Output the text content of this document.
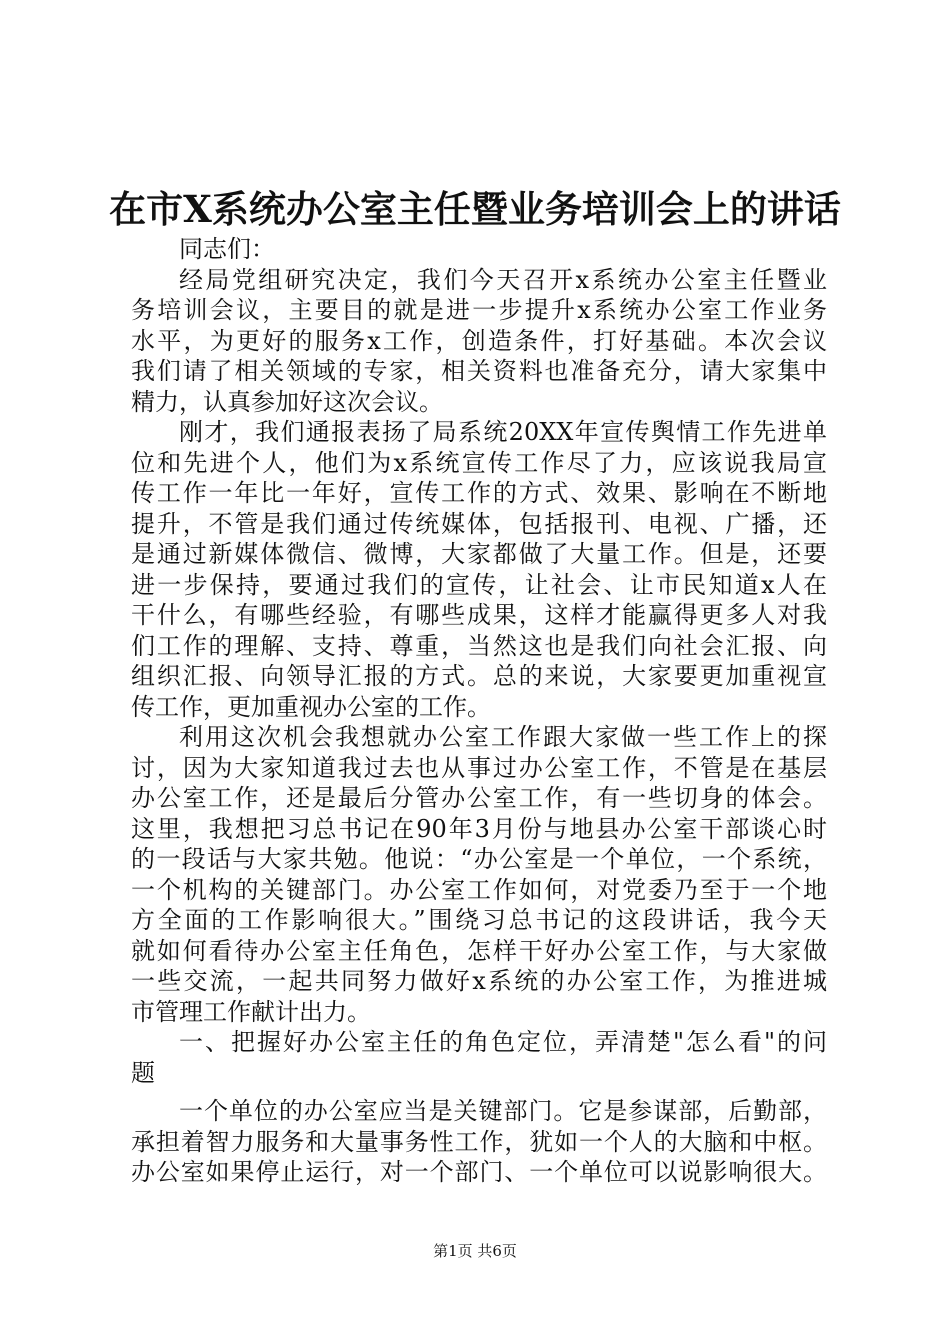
在市X系统办公室主任暨业务培训会上的讲话
同志们：
经局党组研究决定，我们今天召开x系统办公室主任暨业
务培训会议，主要目的就是进一步提升x系统办公室工作业务
水平，为更好的服务x工作，创造条件，打好基础。本次会议
我们请了相关领域的专家，相关资料也准备充分，请大家集中
精力，认真参加好这次会议。
刚才，我们通报表扬了局系统20XX年宣传舆情工作先进单
位和先进个人，他们为x系统宣传工作尽了力，应该说我局宣
传工作一年比一年好，宣传工作的方式、效果、影响在不断地
提升，不管是我们通过传统媒体，包括报刊、电视、广播，还
是通过新媒体微信、微博，大家都做了大量工作。但是，还要
进一步保持，要通过我们的宣传，让社会、让市民知道x人在
干什么，有哪些经验，有哪些成果，这样才能赢得更多人对我
们工作的理解、支持、尊重，当然这也是我们向社会汇报、向
组织汇报、向领导汇报的方式。总的来说，大家要更加重视宣
传工作，更加重视办公室的工作。
利用这次机会我想就办公室工作跟大家做一些工作上的探
讨，因为大家知道我过去也从事过办公室工作，不管是在基层
办公室工作，还是最后分管办公室工作，有一些切身的体会。
这里，我想把习总书记在90年3月份与地县办公室干部谈心时
的一段话与大家共勉。他说：“办公室是一个单位，一个系统，
一个机构的关键部门。办公室工作如何，对党委乃至于一个地
方全面的工作影响很大。”围绕习总书记的这段讲话，我今天
就如何看待办公室主任角色，怎样干好办公室工作，与大家做
一些交流，一起共同努力做好x系统的办公室工作，为推进城
市管理工作献计出力。
一、把握好办公室主任的角色定位，弄清楚"怎么看"的问
题
一个单位的办公室应当是关键部门。它是参谋部，后勤部，
承担着智力服务和大量事务性工作，犹如一个人的大脑和中枢。
办公室如果停止运行，对一个部门、一个单位可以说影响很大。
第1页 共6页
